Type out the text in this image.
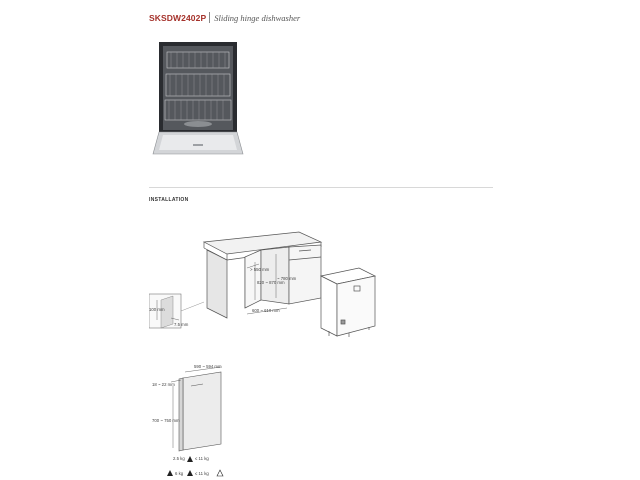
SKSDW2402P Sliding hinge dishwasher
INSTALLATION
100 mm
7.5 mm
> 550 mm
820 ~ 870 mm
~ 780 mm
600 ~ 610 mm
590 ~ 594 mm
18 ~ 22 mm
700 ~ 750 mm
2.5 kg ≤ 11 kg
6 kg	≤ 11 kg
